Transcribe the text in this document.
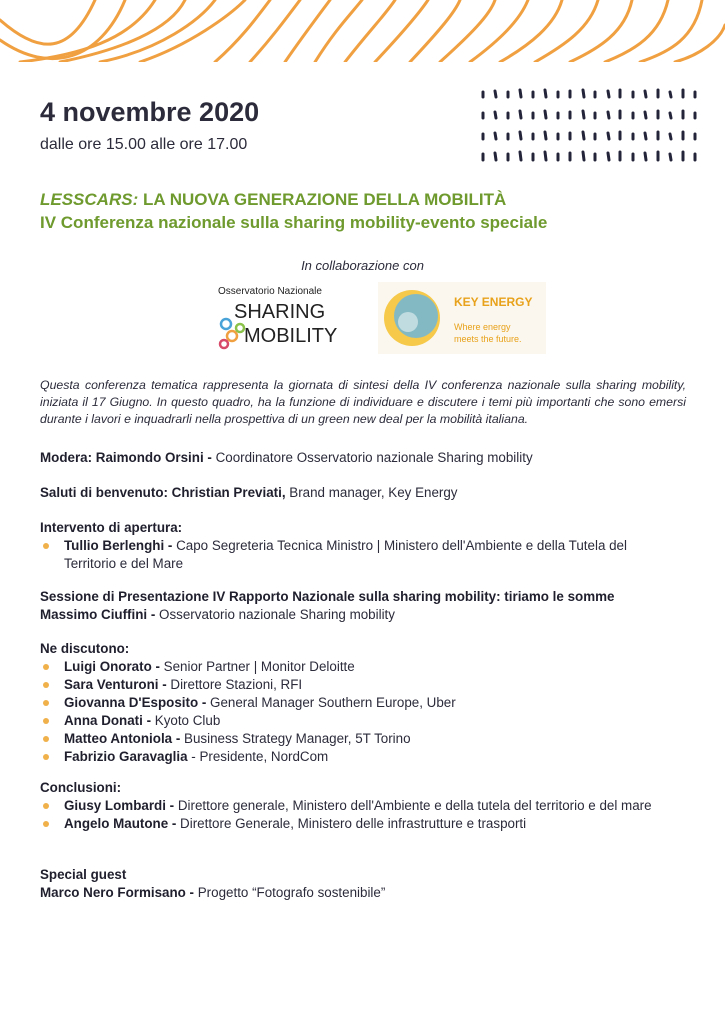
4 novembre 2020

dalle ore 15.00 alle ore 17.00

LESSCARS: LA NUOVA GENERAZIONE DELLA MOBILITÀ

IV Conferenza nazionale sulla sharing mobility-evento speciale

In collaborazione con
Osservatorio Nazionale
SHARING
MOBILITY
KEY ENERGY
Where energy
meets the future.

Questa conferenza tematica rappresenta la giornata di sintesi della IV conferenza nazionale sulla sharing mobility, iniziata il 17 Giugno. In questo quadro, ha la funzione di individuare e discutere i temi più importanti che sono emersi durante i lavori e inquadrarli nella prospettiva di un green new deal per la mobilità italiana.

Modera: Raimondo Orsini - Coordinatore Osservatorio nazionale Sharing mobility

Saluti di benvenuto: Christian Previati, Brand manager, Key Energy

Intervento di apertura:
Tullio Berlenghi - Capo Segreteria Tecnica Ministro | Ministero dell'Ambiente e della Tutela del Territorio e del Mare
Sessione di Presentazione IV Rapporto Nazionale sulla sharing mobility: tiriamo le somme
Massimo Ciuffini - Osservatorio nazionale Sharing mobility
Ne discutono:
Luigi Onorato - Senior Partner | Monitor Deloitte
Sara Venturoni - Direttore Stazioni, RFI
Giovanna D'Esposito - General Manager Southern Europe, Uber
Anna Donati - Kyoto Club
Matteo Antoniola - Business Strategy Manager, 5T Torino
Fabrizio Garavaglia - Presidente, NordCom
Conclusioni:
Giusy Lombardi - Direttore generale, Ministero dell'Ambiente e della tutela del territorio e del mare
Angelo Mautone - Direttore Generale, Ministero delle infrastrutture e trasporti
Special guest
Marco Nero Formisano - Progetto “Fotografo sostenibile”
